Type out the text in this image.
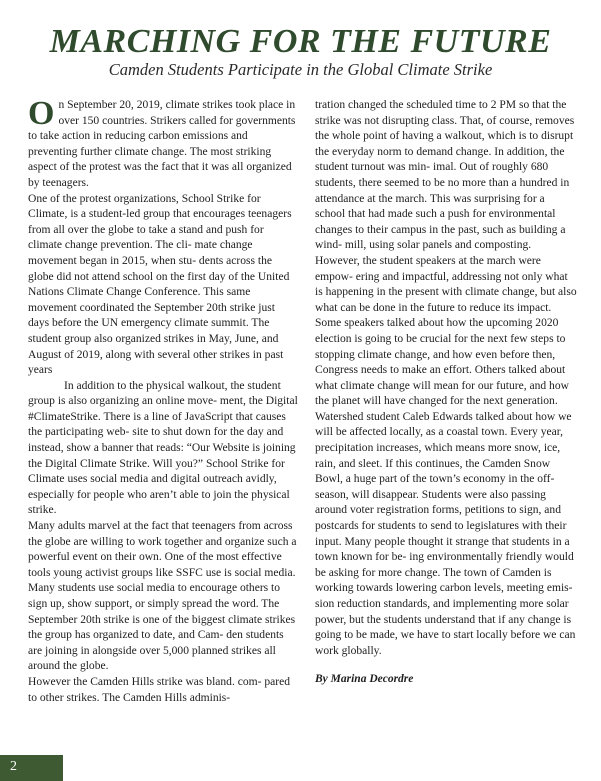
MARCHING FOR THE FUTURE
Camden Students Participate in the Global Climate Strike

On September 20, 2019, climate strikes took place in over 150 countries. Strikers called for governments to take action in reducing carbon emissions and preventing further climate change. The most striking aspect of the protest was the fact that it was all organized by teenagers.

One of the protest organizations, School Strike for Climate, is a student-led group that encourages teenagers from all over the globe to take a stand and push for climate change prevention. The cli- mate change movement began in 2015, when stu- dents across the globe did not attend school on the first day of the United Nations Climate Change Conference. This same movement coordinated the September 20th strike just days before the UN emergency climate summit. The student group also organized strikes in May, June, and August of 2019, along with several other strikes in past years

In addition to the physical walkout, the student group is also organizing an online move- ment, the Digital #ClimateStrike. There is a line of JavaScript that causes the participating web- site to shut down for the day and instead, show a banner that reads: “Our Website is joining the Digital Climate Strike. Will you?” School Strike for Climate uses social media and digital outreach avidly, especially for people who aren’t able to join the physical strike.

Many adults marvel at the fact that teenagers from across the globe are willing to work together and organize such a powerful event on their own. One of the most effective tools young activist groups like SSFC use is social media. Many students use social media to encourage others to sign up, show support, or simply spread the word. The September 20th strike is one of the biggest climate strikes the group has organized to date, and Cam- den students are joining in alongside over 5,000 planned strikes all around the globe.

However the Camden Hills strike was bland. com- pared to other strikes. The Camden Hills adminis-

tration changed the scheduled time to 2 PM so that the strike was not disrupting class. That, of course, removes the whole point of having a walkout, which is to disrupt the everyday norm to demand change. In addition, the student turnout was min- imal. Out of roughly 680 students, there seemed to be no more than a hundred in attendance at the march. This was surprising for a school that had made such a push for environmental changes to their campus in the past, such as building a wind- mill, using solar panels and composting. However, the student speakers at the march were empow- ering and impactful, addressing not only what is happening in the present with climate change, but also what can be done in the future to reduce its impact. Some speakers talked about how the upcoming 2020 election is going to be crucial for the next few steps to stopping climate change, and how even before then, Congress needs to make an effort. Others talked about what climate change will mean for our future, and how the planet will have changed for the next generation. Watershed student Caleb Edwards talked about how we will be affected locally, as a coastal town. Every year, precipitation increases, which means more snow, ice, rain, and sleet. If this continues, the Camden Snow Bowl, a huge part of the town’s economy in the off-season, will disappear. Students were also passing around voter registration forms, petitions to sign, and postcards for students to send to legislatures with their input. Many people thought it strange that students in a town known for be- ing environmentally friendly would be asking for more change. The town of Camden is working towards lowering carbon levels, meeting emis- sion reduction standards, and implementing more solar power, but the students understand that if any change is going to be made, we have to start locally before we can work globally.

By Marina Decordre

2
